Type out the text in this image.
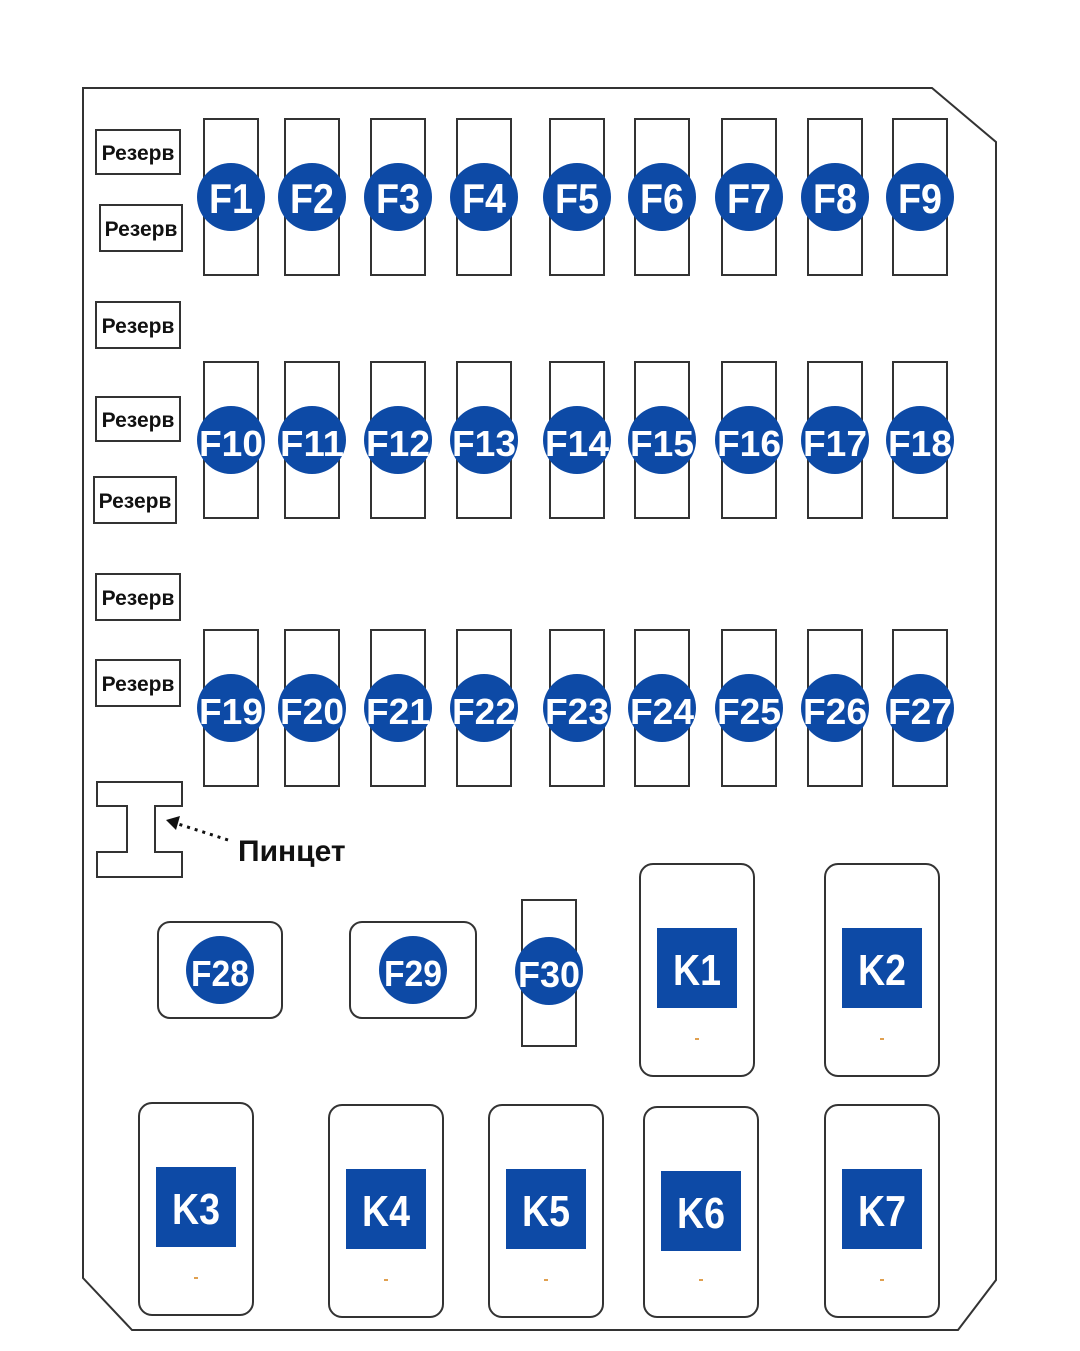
Пинцет
Резерв
Резерв
Резерв
Резерв
Резерв
Резерв
Резерв
F1 F2 F3 F4 F5 F6 F7 F8 F9
F10 F11 F12 F13 F14 F15 F16 F17 F18
F19 F20 F21 F22 F23 F24 F25 F26 F27
F28	F29 F30 K1	K2
K3	K4	K5 K6	K7
